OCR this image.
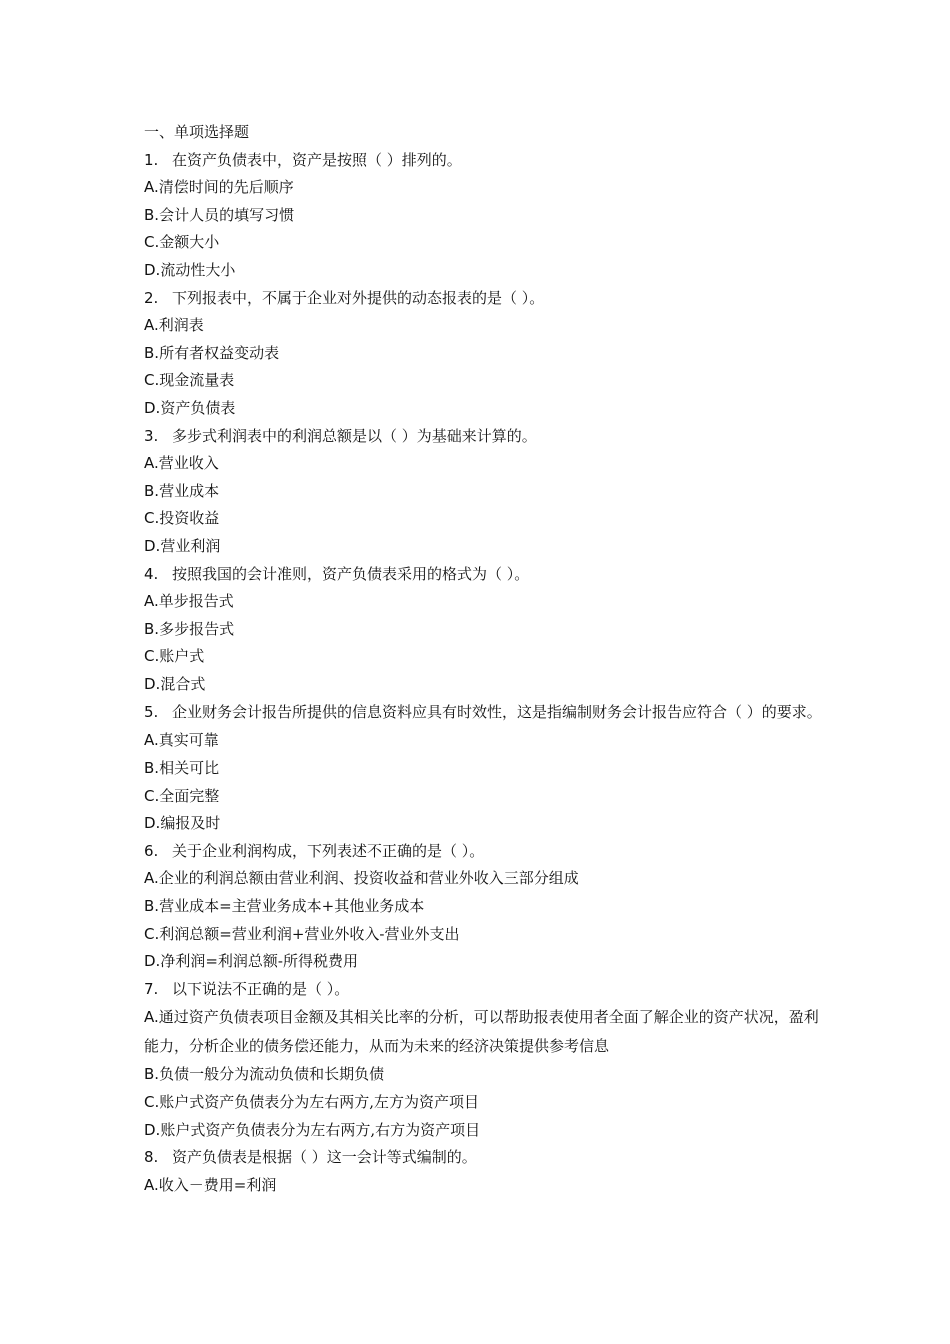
一、单项选择题
1. 在资产负债表中，资产是按照（ ）排列的。
A.清偿时间的先后顺序
B.会计人员的填写习惯
C.金额大小
D.流动性大小
2. 下列报表中，不属于企业对外提供的动态报表的是（ ）。
A.利润表
B.所有者权益变动表
C.现金流量表
D.资产负债表
3. 多步式利润表中的利润总额是以（ ）为基础来计算的。
A.营业收入
B.营业成本
C.投资收益
D.营业利润
4. 按照我国的会计准则，资产负债表采用的格式为（ ）。
A.单步报告式
B.多步报告式
C.账户式
D.混合式
5. 企业财务会计报告所提供的信息资料应具有时效性，这是指编制财务会计报告应符合（ ）的要求。
A.真实可靠
B.相关可比
C.全面完整
D.编报及时
6. 关于企业利润构成，下列表述不正确的是（ ）。
A.企业的利润总额由营业利润、投资收益和营业外收入三部分组成
B.营业成本=主营业务成本+其他业务成本
C.利润总额=营业利润+营业外收入-营业外支出
D.净利润=利润总额-所得税费用
7. 以下说法不正确的是（ ）。
A.通过资产负债表项目金额及其相关比率的分析，可以帮助报表使用者全面了解企业的资产状况，盈利能力，分析企业的债务偿还能力，从而为未来的经济决策提供参考信息
B.负债一般分为流动负债和长期负债
C.账户式资产负债表分为左右两方,左方为资产项目
D.账户式资产负债表分为左右两方,右方为资产项目
8. 资产负债表是根据（ ）这一会计等式编制的。
A.收入－费用=利润
